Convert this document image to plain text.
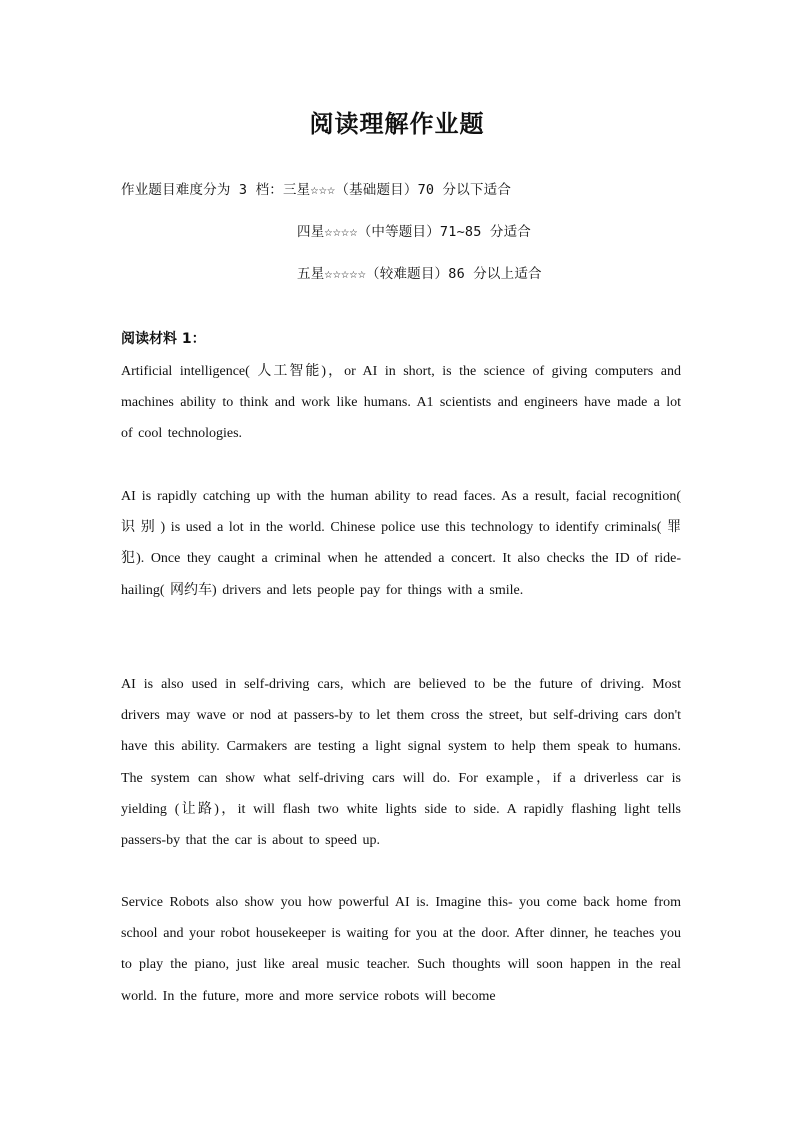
阅读理解作业题
作业题目难度分为 3 档：三星☆☆☆（基础题目）70 分以下适合
四星☆☆☆☆（中等题目）71~85 分适合
五星☆☆☆☆☆（较难题目）86 分以上适合
阅读材料 1：
Artificial intelligence( 人工智能)，or AI in short, is the science of giving computers and machines ability to think and work like humans. A1 scientists and engineers have made a lot of cool technologies.
AI is rapidly catching up with the human ability to read faces. As a result, facial recognition( 识 别 ) is used a lot in the world. Chinese police use this technology to identify criminals( 罪犯). Once they caught a criminal when he attended a concert. It also checks the ID of ride-hailing( 网约车) drivers and lets people pay for things with a smile.
AI is also used in self-driving cars, which are believed to be the future of driving. Most drivers may wave or nod at passers-by to let them cross the street, but self-driving cars don't have this ability. Carmakers are testing a light signal system to help them speak to humans. The system can show what self-driving cars will do. For example，if a driverless car is yielding (让路)，it will flash two white lights side to side. A rapidly flashing light tells passers-by that the car is about to speed up.
Service Robots also show you how powerful AI is. Imagine this- you come back home from school and your robot housekeeper is waiting for you at the door. After dinner, he teaches you to play the piano, just like areal music teacher. Such thoughts will soon happen in the real world. In the future, more and more service robots will become
